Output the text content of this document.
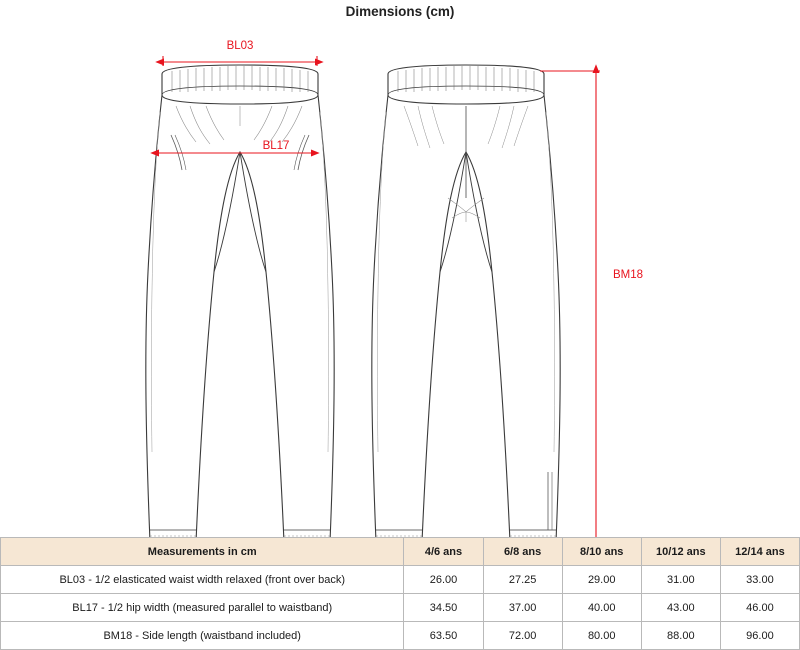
Dimensions (cm)
BL03
BL17
BM18
Measurements in cm	4/6 ans	6/8 ans	8/10 ans	10/12 ans	12/14 ans
BL03 - 1/2 elasticated waist width relaxed (front over back)	26.00	27.25	29.00	31.00	33.00
BL17 - 1/2 hip width (measured parallel to waistband)	34.50	37.00	40.00	43.00	46.00
BM18 - Side length (waistband included)	63.50	72.00	80.00	88.00	96.00
